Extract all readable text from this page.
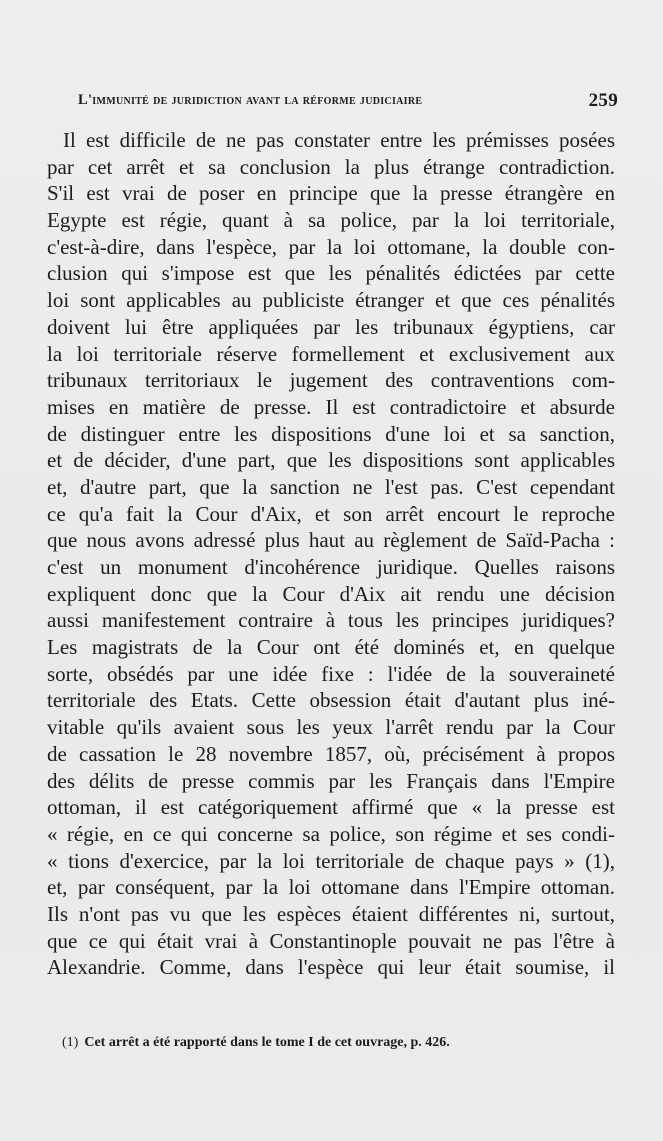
L'immunité de juridiction avant la réforme judiciaire	259
Il est difficile de ne pas constater entre les prémisses posées
par cet arrêt et sa conclusion la plus étrange contradiction.
S'il est vrai de poser en principe que la presse étrangère en
Egypte est régie, quant à sa police, par la loi territoriale,
c'est-à-dire, dans l'espèce, par la loi ottomane, la double con-
clusion qui s'impose est que les pénalités édictées par cette
loi sont applicables au publiciste étranger et que ces pénalités
doivent lui être appliquées par les tribunaux égyptiens, car
la loi territoriale réserve formellement et exclusivement aux
tribunaux territoriaux le jugement des contraventions com-
mises en matière de presse. Il est contradictoire et absurde
de distinguer entre les dispositions d'une loi et sa sanction,
et de décider, d'une part, que les dispositions sont applicables
et, d'autre part, que la sanction ne l'est pas. C'est cependant
ce qu'a fait la Cour d'Aix, et son arrêt encourt le reproche
que nous avons adressé plus haut au règlement de Saïd-Pacha :
c'est un monument d'incohérence juridique. Quelles raisons
expliquent donc que la Cour d'Aix ait rendu une décision
aussi manifestement contraire à tous les principes juridiques?
Les magistrats de la Cour ont été dominés et, en quelque
sorte, obsédés par une idée fixe : l'idée de la souveraineté
territoriale des Etats. Cette obsession était d'autant plus iné-
vitable qu'ils avaient sous les yeux l'arrêt rendu par la Cour
de cassation le 28 novembre 1857, où, précisément à propos
des délits de presse commis par les Français dans l'Empire
ottoman, il est catégoriquement affirmé que « la presse est
« régie, en ce qui concerne sa police, son régime et ses condi-
« tions d'exercice, par la loi territoriale de chaque pays » (1),
et, par conséquent, par la loi ottomane dans l'Empire ottoman.
Ils n'ont pas vu que les espèces étaient différentes ni, surtout,
que ce qui était vrai à Constantinople pouvait ne pas l'être à
Alexandrie. Comme, dans l'espèce qui leur était soumise, il
(1) Cet arrêt a été rapporté dans le tome I de cet ouvrage, p. 426.
